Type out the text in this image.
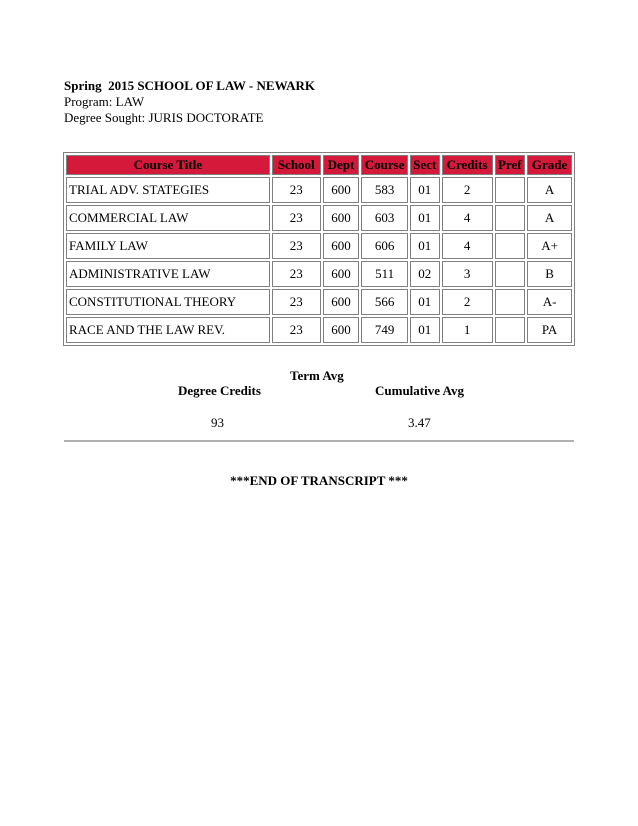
Spring  2015 SCHOOL OF LAW - NEWARK
Program: LAW
Degree Sought: JURIS DOCTORATE
Course Title	School	Dept	Course	Sect	Credits	Pref	Grade
TRIAL ADV. STATEGIES	23	600	583	01	2		A
COMMERCIAL LAW	23	600	603	01	4		A
FAMILY LAW	23	600	606	01	4		A+
ADMINISTRATIVE LAW	23	600	511	02	3		B
CONSTITUTIONAL THEORY	23	600	566	01	2		A-
RACE AND THE LAW REV.	23	600	749	01	1		PA
Term Avg
Degree Credits	Cumulative Avg
93	3.47
***END OF TRANSCRIPT ***
